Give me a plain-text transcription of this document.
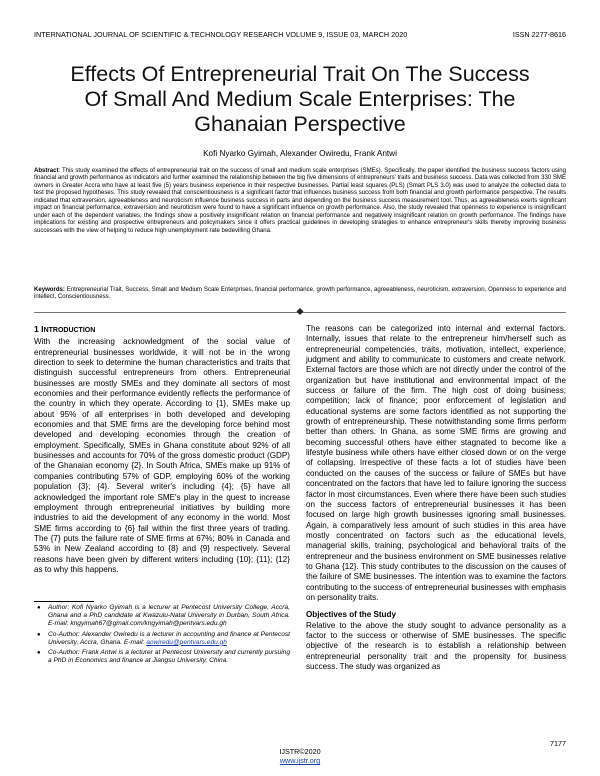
INTERNATIONAL JOURNAL OF SCIENTIFIC & TECHNOLOGY RESEARCH VOLUME 9, ISSUE 03, MARCH 2020	ISSN 2277-8616
Effects Of Entrepreneurial Trait On The Success Of Small And Medium Scale Enterprises: The Ghanaian Perspective
Kofi Nyarko Gyimah, Alexander Owiredu, Frank Antwi
Abstract: This study examined the effects of entrepreneurial trait on the success of small and medium scale enterprises (SMEs). Specifically, the paper identified the business success factors using financial and growth performance as indicators and further examined the relationship between the big five dimensions of entrepreneurs' traits and business success. Data was collected from 330 SME owners in Greater Accra who have at least five (5) years business experience in their respective businesses. Partial least squares (PLS) (Smart PLS 3.0) was used to analyze the collected data to test the proposed hypotheses. This study revealed that conscientiousness is a significant factor that influences business success from both financial and growth performance perspective. The results indicated that extraversion, agreeableness and neuroticism influence business success in parts and depending on the business success measurement tool. Thus, as agreeableness exerts significant impact on financial performance, extraversion and neuroticism were found to have a significant influence on growth performance. Also, the study revealed that openness to experience is insignificant under each of the dependent variables, the findings show a positively insignificant relation on financial performance and negatively insignificant relation on growth performance. The findings have implications for existing and prospective entrepreneurs and policymakers since it offers practical guidelines in developing strategies to enhance entrepreneur's skills thereby improving business successes with the view of helping to reduce high unemployment rate bedevilling Ghana.
Keywords: Entrepreneurial Trait, Success, Small and Medium Scale Enterprises, financial performance, growth performance, agreeableness, neuroticism, extraversion, Openness to experience and intellect, Conscientiousness.
1 INTRODUCTION

With the increasing acknowledgment of the social value of entrepreneurial businesses worldwide, it will not be in the wrong direction to seek to determine the human characteristics and traits that distinguish successful entrepreneurs from others. Entrepreneurial businesses are mostly SMEs and they dominate all sectors of most economies and their performance evidently reflects the performance of the country in which they operate. According to {1}, SMEs make up about 95% of all enterprises in both developed and developing economies and that SME firms are the developing force behind most developed and developing economies through the creation of employment. Specifically, SMEs in Ghana constitute about 92% of all businesses and accounts for 70% of the gross domestic product (GDP) of the Ghanaian economy {2}. In South Africa, SMEs make up 91% of companies contributing 57% of GDP, employing 60% of the working population {3}; {4}. Several writer's including {4}; {5} have all acknowledged the important role SME's play in the quest to increase employment through entrepreneurial initiatives by building more industries to aid the development of any economy in the world. Most SME firms according to {6} fail within the first three years of trading. The {7} puts the failure rate of SME firms at 67%; 80% in Canada and 53% in New Zealand according to {8} and {9} respectively. Several reasons have been given by different writers including {10}; {11}; {12} as to why this happens.

The reasons can be categorized into internal and external factors. Internally, issues that relate to the entrepreneur him/herself such as entrepreneurial competencies, traits, motivation, intellect, experience, judgment and ability to communicate to customers and create network. External factors are those which are not directly under the control of the organization but have institutional and environmental impact of the success or failure of the firm. The high cost of doing business; competition; lack of finance; poor enforcement of legislation and educational systems are some factors identified as not supporting the growth of entrepreneurship. These notwithstanding some firms perform better than others. In Ghana, as some SME firms are growing and becoming successful others have either stagnated to become like a lifestyle business while others have either closed down or on the verge of collapsing. Irrespective of these facts a lot of studies have been conducted on the causes of the success or failure of SMEs but have concentrated on the factors that have led to failure ignoring the success factor in most circumstances. Even where there have been such studies on the success factors of entrepreneurial businesses it has been focused on large high growth businesses ignoring small businesses. Again, a comparatively less amount of such studies in this area have mostly concentrated on factors such as the educational levels, managerial skills, training, psychological and behavioral traits of the entrepreneur and the business environment on SME businesses relative to Ghana {12}. This study contributes to the discussion on the causes of the failure of SME businesses. The intention was to examine the factors contributing to the success of entrepreneurial businesses with emphasis on personality traits.

Objectives of the Study

Relative to the above the study sought to advance personality as a factor to the success or otherwise of SME businesses. The specific objective of the research is to establish a relationship between entrepreneurial personality trait and the propensity for business success. The study was organized as

● Author: Kofi Nyarko Gyimah is a lecturer at Pentecost University College, Accra, Ghana and a PhD candidate at Kwazulu-Natal University in Durban, South Africa. E-mail: kngyimah67@gmail.com/kngyimah@pentvars.edu.gh
● Co-Author: Alexander Owiredu is a lecturer in accounting and finance at Pentecost University, Accra, Ghana. E-mail: aowiredu@pentvars.edu.gh
● Co-Author: Frank Antwi is a lecturer at Pentecost University and currently pursuing a PhD in Economics and finance at Jiangsu University, China.
7177
IJSTR©2020
www.ijstr.org
